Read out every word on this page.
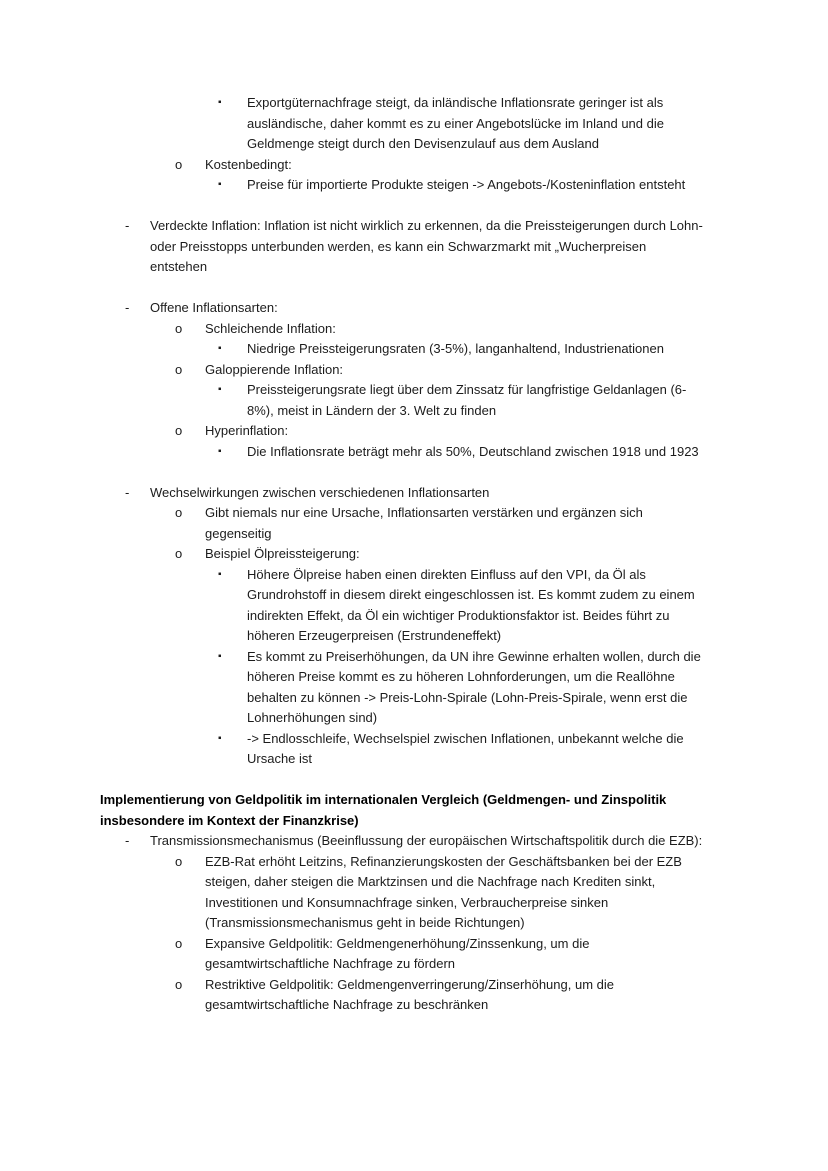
▪	Exportgüternachfrage steigt, da inländische Inflationsrate geringer ist als ausländische, daher kommt es zu einer Angebotslücke im Inland und die Geldmenge steigt durch den Devisenzulauf aus dem Ausland
o	Kostenbedingt:
▪	Preise für importierte Produkte steigen -> Angebots-/Kosteninflation entsteht
-	Verdeckte Inflation: Inflation ist nicht wirklich zu erkennen, da die Preissteigerungen durch Lohn- oder Preisstopps unterbunden werden, es kann ein Schwarzmarkt mit „Wucherpreisen entstehen
-	Offene Inflationsarten:
o	Schleichende Inflation:
▪	Niedrige Preissteigerungsraten (3-5%), langanhaltend, Industrienationen
o	Galoppierende Inflation:
▪	Preissteigerungsrate liegt über dem Zinssatz für langfristige Geldanlagen (6-8%), meist in Ländern der 3. Welt zu finden
o	Hyperinflation:
▪	Die Inflationsrate beträgt mehr als 50%, Deutschland zwischen 1918 und 1923
-	Wechselwirkungen zwischen verschiedenen Inflationsarten
o	Gibt niemals nur eine Ursache, Inflationsarten verstärken und ergänzen sich gegenseitig
o	Beispiel Ölpreissteigerung:
▪	Höhere Ölpreise haben einen direkten Einfluss auf den VPI, da Öl als Grundrohstoff in diesem direkt eingeschlossen ist. Es kommt zudem zu einem indirekten Effekt, da Öl ein wichtiger Produktionsfaktor ist. Beides führt zu höheren Erzeugerpreisen (Erstrundeneffekt)
▪	Es kommt zu Preiserhöhungen, da UN ihre Gewinne erhalten wollen, durch die höheren Preise kommt es zu höheren Lohnforderungen, um die Reallöhne behalten zu können -> Preis-Lohn-Spirale (Lohn-Preis-Spirale, wenn erst die Lohnerhöhungen sind)
▪	-> Endlosschleife, Wechselspiel zwischen Inflationen, unbekannt welche die Ursache ist
Implementierung von Geldpolitik im internationalen Vergleich (Geldmengen- und Zinspolitik insbesondere im Kontext der Finanzkrise)
-	Transmissionsmechanismus (Beeinflussung der europäischen Wirtschaftspolitik durch die EZB):
o	EZB-Rat erhöht Leitzins, Refinanzierungskosten der Geschäftsbanken bei der EZB steigen, daher steigen die Marktzinsen und die Nachfrage nach Krediten sinkt, Investitionen und Konsumnachfrage sinken, Verbraucherpreise sinken (Transmissionsmechanismus geht in beide Richtungen)
o	Expansive Geldpolitik: Geldmengenerhöhung/Zinssenkung, um die gesamtwirtschaftliche Nachfrage zu fördern
o	Restriktive Geldpolitik: Geldmengenverringerung/Zinserhöhung, um die gesamtwirtschaftliche Nachfrage zu beschränken
